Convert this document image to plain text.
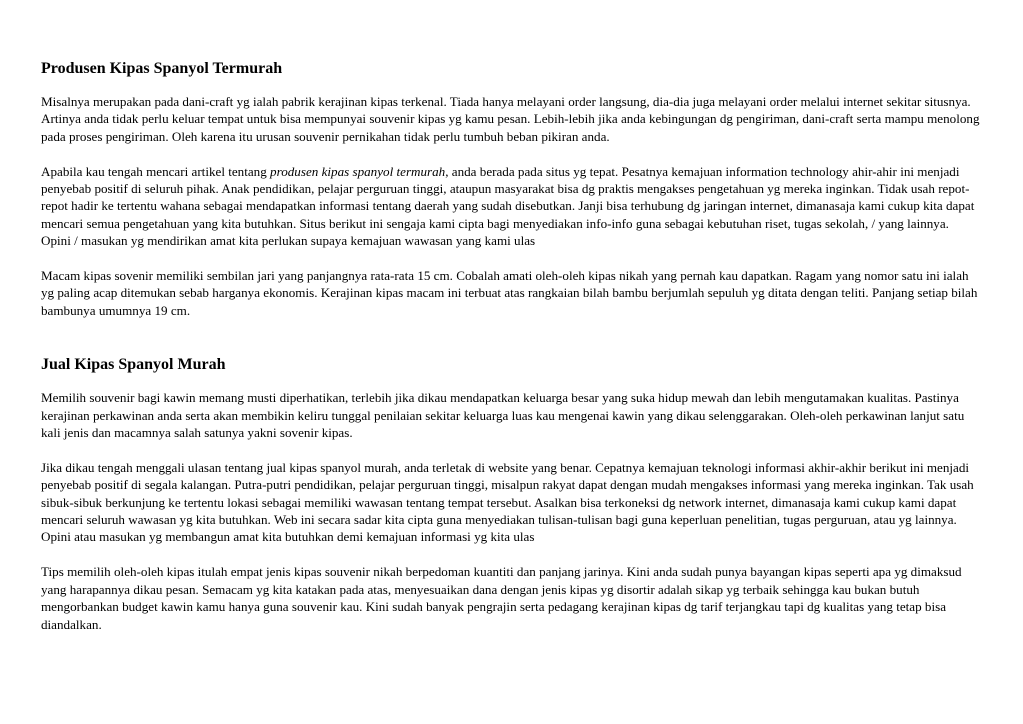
Produsen Kipas Spanyol Termurah

Misalnya merupakan pada dani-craft yg ialah pabrik kerajinan kipas terkenal. Tiada hanya melayani order langsung, dia-dia juga melayani order melalui internet sekitar situsnya. Artinya anda tidak perlu keluar tempat untuk bisa mempunyai souvenir kipas yg kamu pesan. Lebih-lebih jika anda kebingungan dg pengiriman, dani-craft serta mampu menolong pada proses pengiriman. Oleh karena itu urusan souvenir pernikahan tidak perlu tumbuh beban pikiran anda.

Apabila kau tengah mencari artikel tentang produsen kipas spanyol termurah, anda berada pada situs yg tepat. Pesatnya kemajuan information technology ahir-ahir ini menjadi penyebab positif di seluruh pihak. Anak pendidikan, pelajar perguruan tinggi, ataupun masyarakat bisa dg praktis mengakses pengetahuan yg mereka inginkan. Tidak usah repot-repot hadir ke tertentu wahana sebagai mendapatkan informasi tentang daerah yang sudah disebutkan. Janji bisa terhubung dg jaringan internet, dimanasaja kami cukup kita dapat mencari semua pengetahuan yang kita butuhkan. Situs berikut ini sengaja kami cipta bagi menyediakan info-info guna sebagai kebutuhan riset, tugas sekolah, / yang lainnya. Opini / masukan yg mendirikan amat kita perlukan supaya kemajuan wawasan yang kami ulas

Macam kipas sovenir memiliki sembilan jari yang panjangnya rata-rata 15 cm. Cobalah amati oleh-oleh kipas nikah yang pernah kau dapatkan. Ragam yang nomor satu ini ialah yg paling acap ditemukan sebab harganya ekonomis. Kerajinan kipas macam ini terbuat atas rangkaian bilah bambu berjumlah sepuluh yg ditata dengan teliti. Panjang setiap bilah bambunya umumnya 19 cm.

Jual Kipas Spanyol Murah

Memilih souvenir bagi kawin memang musti diperhatikan, terlebih jika dikau mendapatkan keluarga besar yang suka hidup mewah dan lebih mengutamakan kualitas. Pastinya kerajinan perkawinan anda serta akan membikin keliru tunggal penilaian sekitar keluarga luas kau mengenai kawin yang dikau selenggarakan. Oleh-oleh perkawinan lanjut satu kali jenis dan macamnya salah satunya yakni sovenir kipas.

Jika dikau tengah menggali ulasan tentang jual kipas spanyol murah, anda terletak di website yang benar. Cepatnya kemajuan teknologi informasi akhir-akhir berikut ini menjadi penyebab positif di segala kalangan. Putra-putri pendidikan, pelajar perguruan tinggi, misalpun rakyat dapat dengan mudah mengakses informasi yang mereka inginkan. Tak usah sibuk-sibuk berkunjung ke tertentu lokasi sebagai memiliki wawasan tentang tempat tersebut. Asalkan bisa terkoneksi dg network internet, dimanasaja kami cukup kami dapat mencari seluruh wawasan yg kita butuhkan. Web ini secara sadar kita cipta guna menyediakan tulisan-tulisan bagi guna keperluan penelitian, tugas perguruan, atau yg lainnya. Opini atau masukan yg membangun amat kita butuhkan demi kemajuan informasi yg kita ulas

Tips memilih oleh-oleh kipas itulah empat jenis kipas souvenir nikah berpedoman kuantiti dan panjang jarinya. Kini anda sudah punya bayangan kipas seperti apa yg dimaksud yang harapannya dikau pesan. Semacam yg kita katakan pada atas, menyesuaikan dana dengan jenis kipas yg disortir adalah sikap yg terbaik sehingga kau bukan butuh mengorbankan budget kawin kamu hanya guna souvenir kau. Kini sudah banyak pengrajin serta pedagang kerajinan kipas dg tarif terjangkau tapi dg kualitas yang tetap bisa diandalkan.
